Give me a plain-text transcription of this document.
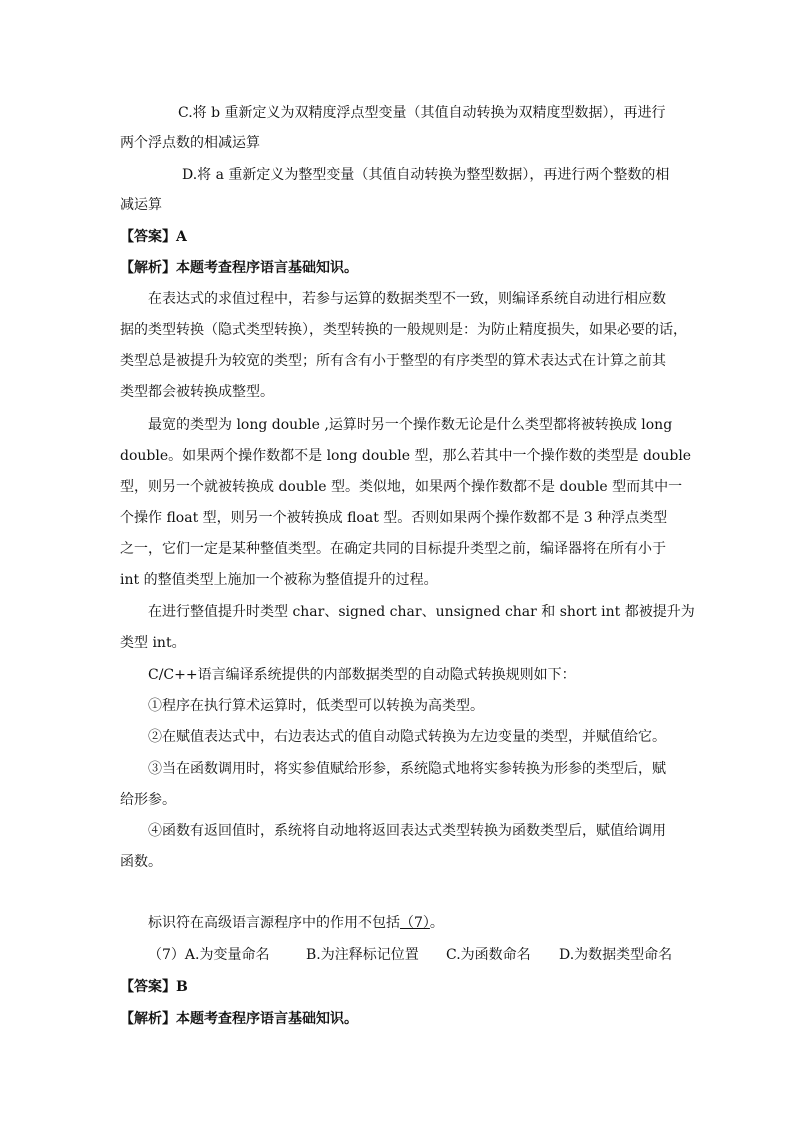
C.将 b 重新定义为双精度浮点型变量（其值自动转换为双精度型数据），再进行
两个浮点数的相减运算
D.将 a 重新定义为整型变量（其值自动转换为整型数据），再进行两个整数的相
减运算
【答案】A
【解析】本题考查程序语言基础知识。
在表达式的求值过程中，若参与运算的数据类型不一致，则编译系统自动进行相应数
据的类型转换（隐式类型转换），类型转换的一般规则是：为防止精度损失，如果必要的话，
类型总是被提升为较宽的类型；所有含有小于整型的有序类型的算术表达式在计算之前其
类型都会被转换成整型。
最宽的类型为 long double ,运算时另一个操作数无论是什么类型都将被转换成 long
double。如果两个操作数都不是 long double 型，那么若其中一个操作数的类型是 double
型，则另一个就被转换成 double 型。类似地，如果两个操作数都不是 double 型而其中一
个操作 float 型，则另一个被转换成 float 型。否则如果两个操作数都不是 3 种浮点类型
之一，它们一定是某种整值类型。在确定共同的目标提升类型之前，编译器将在所有小于
int 的整值类型上施加一个被称为整值提升的过程。
在进行整值提升时类型 char、signed char、unsigned char 和 short int 都被提升为
类型 int。
C/C++语言编译系统提供的内部数据类型的自动隐式转换规则如下：
①程序在执行算术运算时，低类型可以转换为高类型。
②在赋值表达式中，右边表达式的值自动隐式转换为左边变量的类型，并赋值给它。
③当在函数调用时，将实参值赋给形参，系统隐式地将实参转换为形参的类型后，赋
给形参。
④函数有返回值时，系统将自动地将返回表达式类型转换为函数类型后，赋值给调用
函数。
标识符在高级语言源程序中的作用不包括（7）。
（7）A.为变量命名	B.为注释标记位置 C.为函数命名 D.为数据类型命名
【答案】B
【解析】本题考查程序语言基础知识。
